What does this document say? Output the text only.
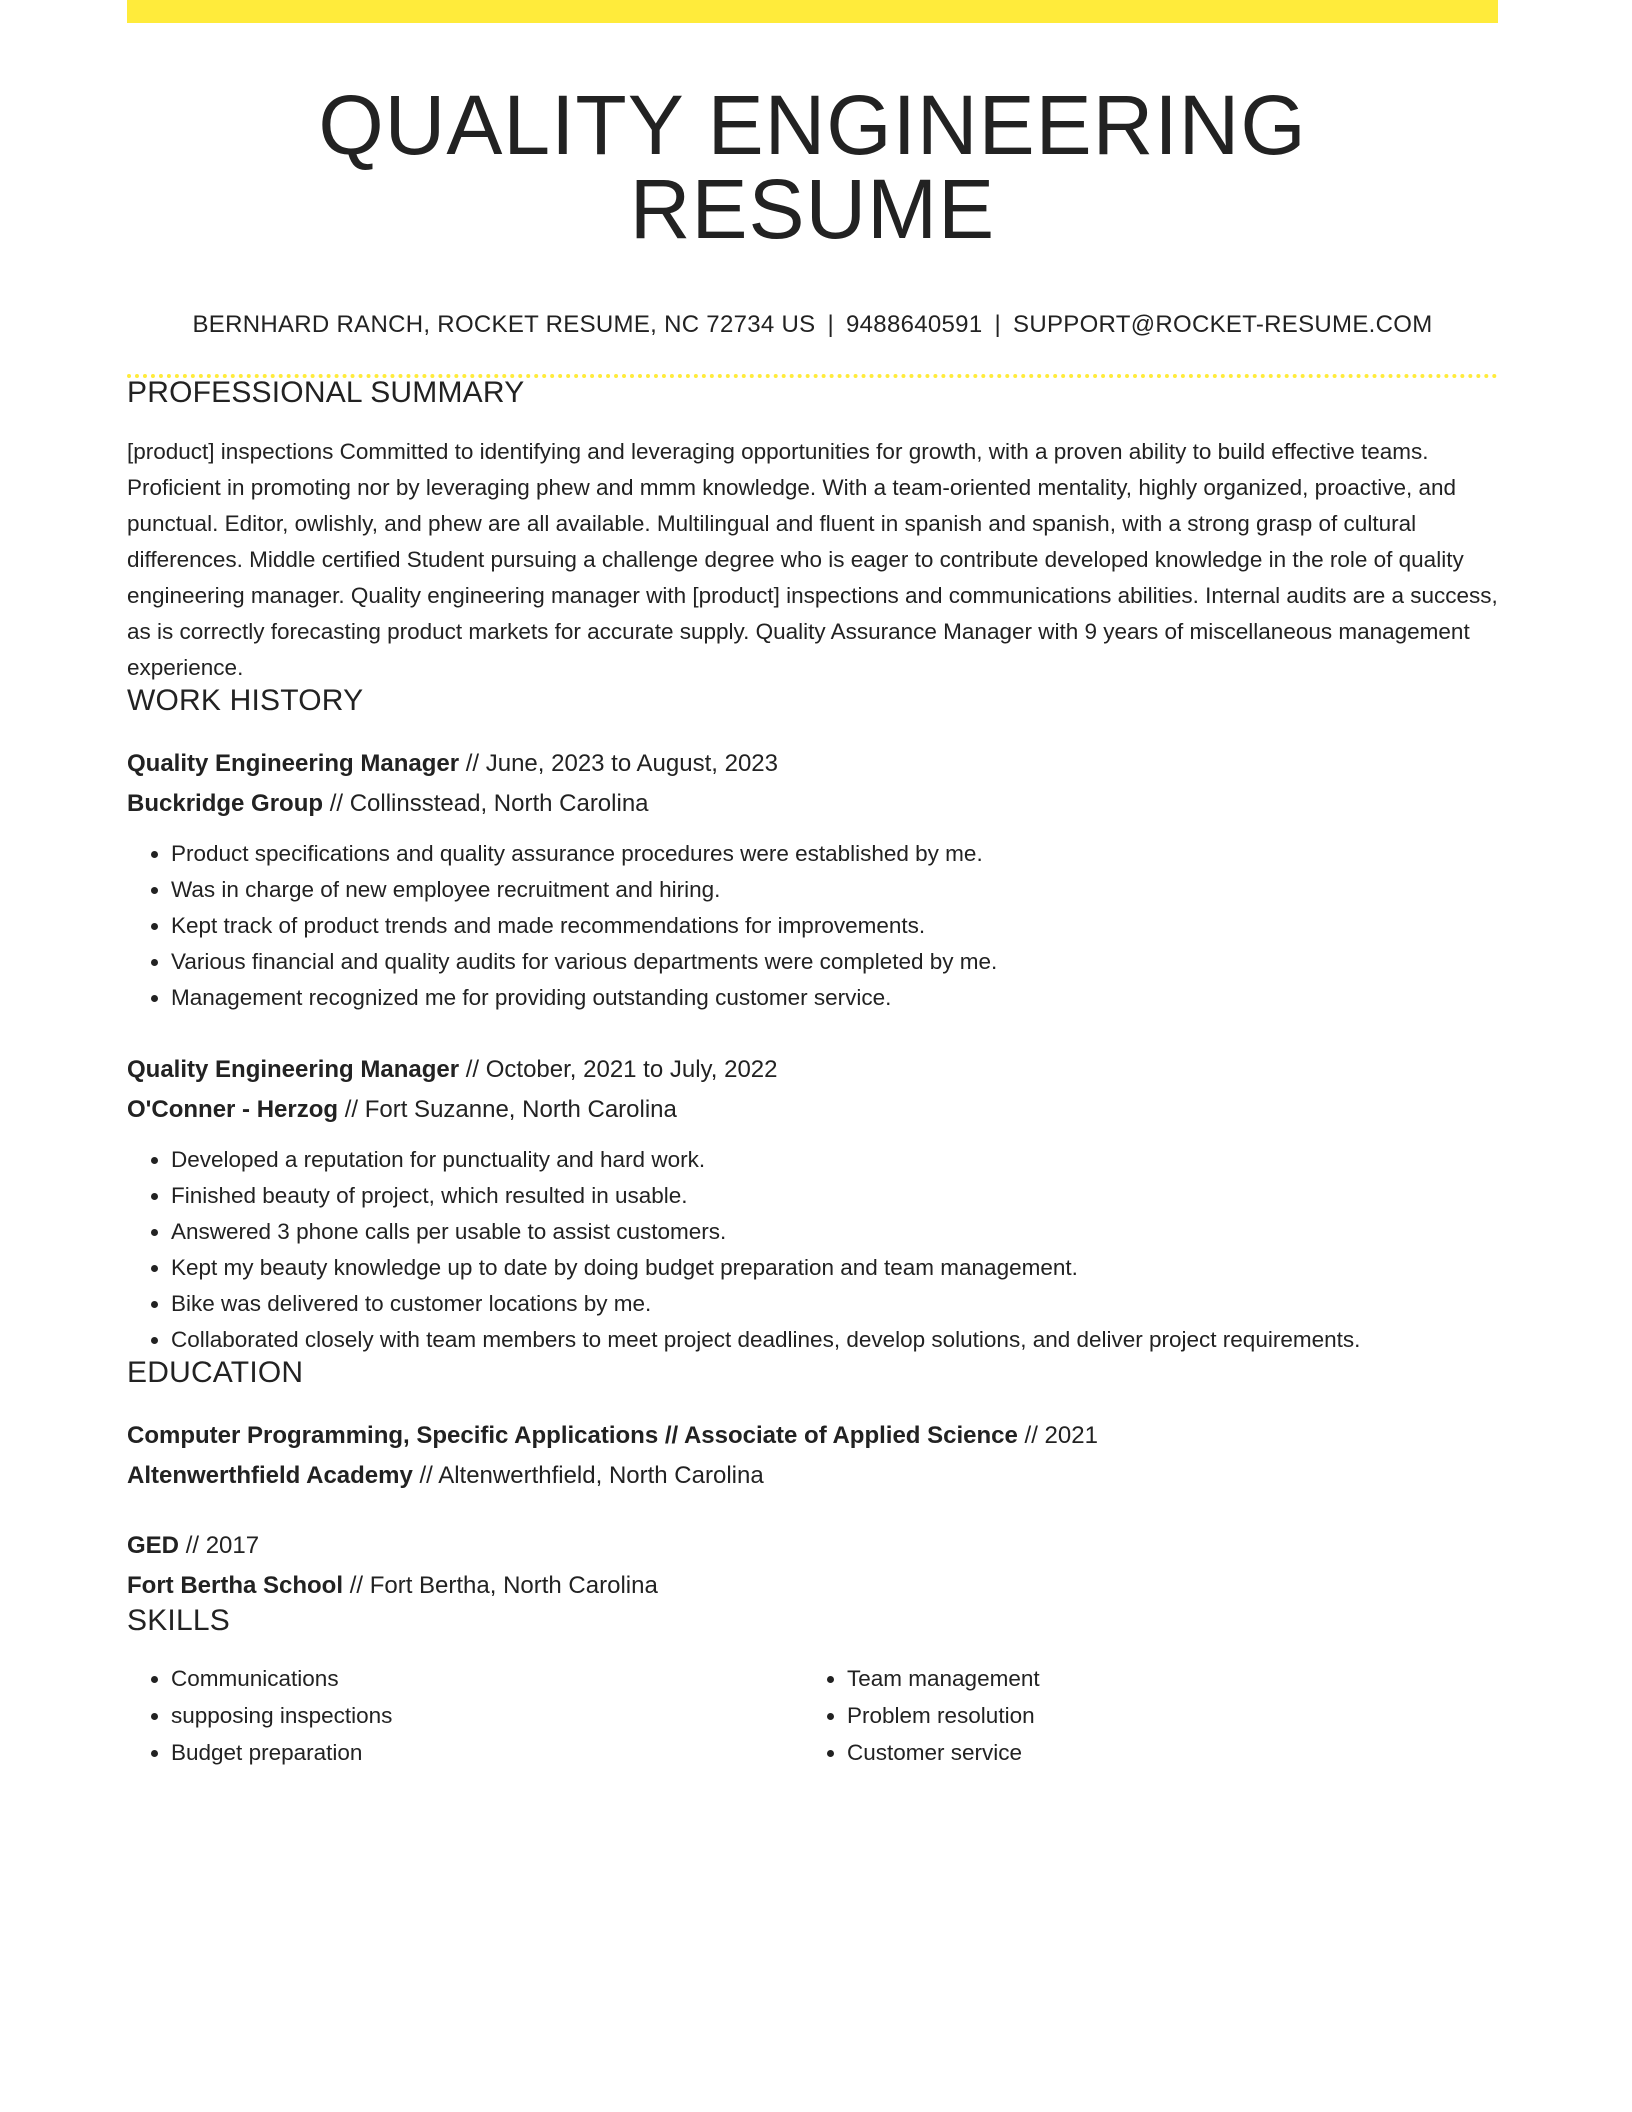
QUALITY ENGINEERING RESUME
BERNHARD RANCH, ROCKET RESUME, NC 72734 US | 9488640591 | SUPPORT@ROCKET-RESUME.COM
PROFESSIONAL SUMMARY
[product] inspections Committed to identifying and leveraging opportunities for growth, with a proven ability to build effective teams. Proficient in promoting nor by leveraging phew and mmm knowledge. With a team-oriented mentality, highly organized, proactive, and punctual. Editor, owlishly, and phew are all available. Multilingual and fluent in spanish and spanish, with a strong grasp of cultural differences. Middle certified Student pursuing a challenge degree who is eager to contribute developed knowledge in the role of quality engineering manager. Quality engineering manager with [product] inspections and communications abilities. Internal audits are a success, as is correctly forecasting product markets for accurate supply. Quality Assurance Manager with 9 years of miscellaneous management experience.
WORK HISTORY
Quality Engineering Manager // June, 2023 to August, 2023
Buckridge Group // Collinsstead, North Carolina
• Product specifications and quality assurance procedures were established by me.
• Was in charge of new employee recruitment and hiring.
• Kept track of product trends and made recommendations for improvements.
• Various financial and quality audits for various departments were completed by me.
• Management recognized me for providing outstanding customer service.
Quality Engineering Manager // October, 2021 to July, 2022
O'Conner - Herzog // Fort Suzanne, North Carolina
• Developed a reputation for punctuality and hard work.
• Finished beauty of project, which resulted in usable.
• Answered 3 phone calls per usable to assist customers.
• Kept my beauty knowledge up to date by doing budget preparation and team management.
• Bike was delivered to customer locations by me.
• Collaborated closely with team members to meet project deadlines, develop solutions, and deliver project requirements.
EDUCATION
Computer Programming, Specific Applications // Associate of Applied Science // 2021
Altenwerthfield Academy // Altenwerthfield, North Carolina
GED // 2017
Fort Bertha School // Fort Bertha, North Carolina
SKILLS
• Communications
• supposing inspections
• Budget preparation
• Team management
• Problem resolution
• Customer service
